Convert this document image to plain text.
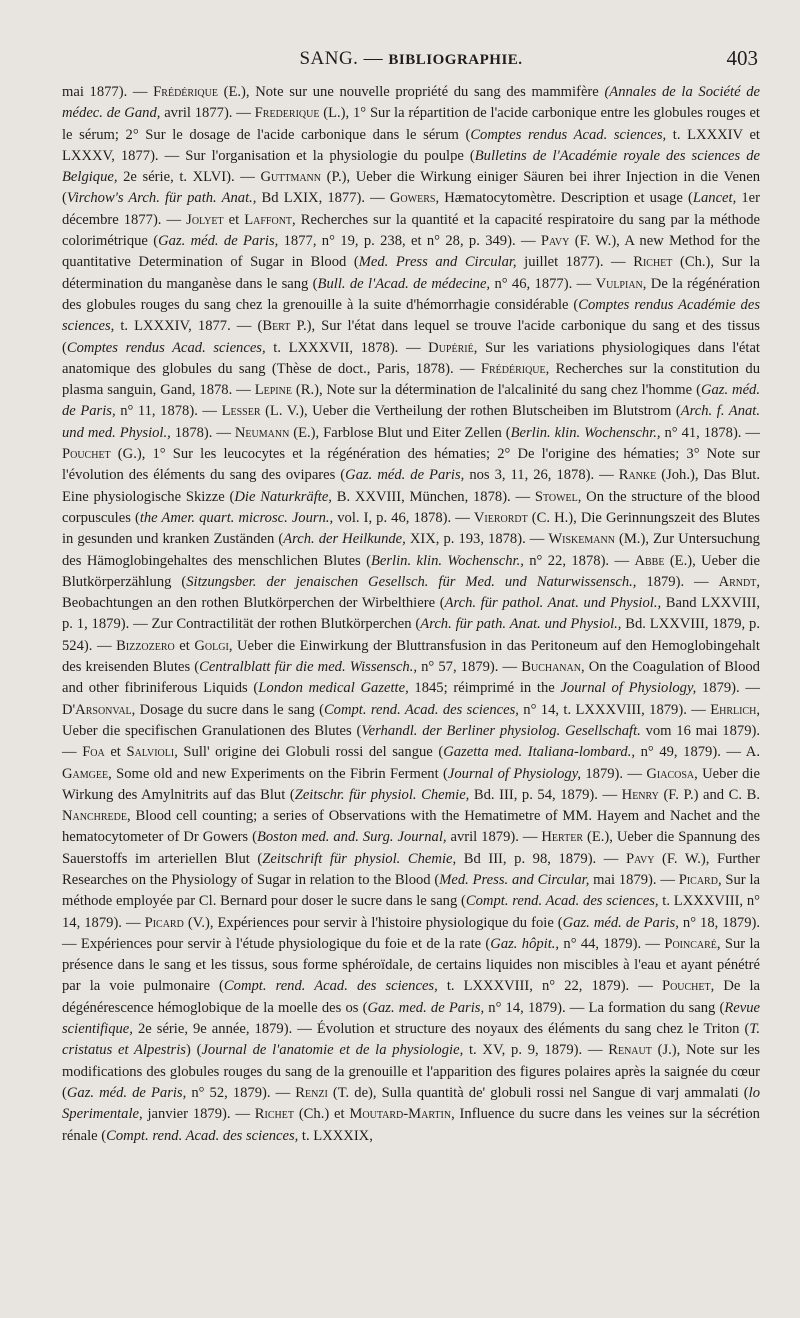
SANG. — BIBLIOGRAPHIE.	403

mai 1877). — Frédérique (E.), Note sur une nouvelle propriété du sang des mammifère (Annales de la Société de médec. de Gand, avril 1877). — Frederique (L.), 1° Sur la répartition de l'acide carbonique entre les globules rouges et le sérum; 2° Sur le dosage de l'acide carbonique dans le sérum (Comptes rendus Acad. sciences, t. LXXXIV et LXXXV, 1877). — Sur l'organisation et la physiologie du poulpe (Bulletins de l'Académie royale des sciences de Belgique, 2e série, t. XLVI). — Guttmann (P.), Ueber die Wirkung einiger Säuren bei ihrer Injection in die Venen (Virchow's Arch. für path. Anat., Bd LXIX, 1877). — Gowers, Hæmatocytomètre. Description et usage (Lancet, 1er décembre 1877). — Jolyet et Laffont, Recherches sur la quantité et la capacité respiratoire du sang par la méthode colorimétrique (Gaz. méd. de Paris, 1877, n° 19, p. 238, et n° 28, p. 349). — Pavy (F. W.), A new Method for the quantitative Determination of Sugar in Blood (Med. Press and Circular, juillet 1877). — Richet (Ch.), Sur la détermination du manganèse dans le sang (Bull. de l'Acad. de médecine, n° 46, 1877). — Vulpian, De la régénération des globules rouges du sang chez la grenouille à la suite d'hémorrhagie considérable (Comptes rendus Académie des sciences, t. LXXXIV, 1877. — (Bert P.), Sur l'état dans lequel se trouve l'acide carbonique du sang et des tissus (Comptes rendus Acad. sciences, t. LXXXVII, 1878). — Dupérié, Sur les variations physiologiques dans l'état anatomique des globules du sang (Thèse de doct., Paris, 1878). — Frédérique, Recherches sur la constitution du plasma sanguin, Gand, 1878. — Lepine (R.), Note sur la détermination de l'alcalinité du sang chez l'homme (Gaz. méd. de Paris, n° 11, 1878). — Lesser (L. V.), Ueber die Vertheilung der rothen Blutscheiben im Blutstrom (Arch. f. Anat. und med. Physiol., 1878). — Neumann (E.), Farblose Blut und Eiter Zellen (Berlin. klin. Wochenschr., n° 41, 1878). — Pouchet (G.), 1° Sur les leucocytes et la régénération des hématies; 2° De l'origine des hématies; 3° Note sur l'évolution des éléments du sang des ovipares (Gaz. méd. de Paris, nos 3, 11, 26, 1878). — Ranke (Joh.), Das Blut. Eine physiologische Skizze (Die Naturkräfte, B. XXVIII, München, 1878). — Stowel, On the structure of the blood corpuscules (the Amer. quart. microsc. Journ., vol. I, p. 46, 1878). — Vierordt (C. H.), Die Gerinnungszeit des Blutes in gesunden und kranken Zuständen (Arch. der Heilkunde, XIX, p. 193, 1878). — Wiskemann (M.), Zur Untersuchung des Hämoglobingehaltes des menschlichen Blutes (Berlin. klin. Wochenschr., n° 22, 1878). — Abbe (E.), Ueber die Blutkörperzählung (Sitzungsber. der jenaischen Gesellsch. für Med. und Naturwissensch., 1879). — Arndt, Beobachtungen an den rothen Blutkörperchen der Wirbelthiere (Arch. für pathol. Anat. und Physiol., Band LXXVIII, p. 1, 1879). — Zur Contractilität der rothen Blutkörperchen (Arch. für path. Anat. und Physiol., Bd. LXXVIII, 1879, p. 524). — Bizzozero et Golgi, Ueber die Einwirkung der Bluttransfusion in das Peritoneum auf den Hemoglobingehalt des kreisenden Blutes (Centralblatt für die med. Wissensch., n° 57, 1879). — Buchanan, On the Coagulation of Blood and other fibriniferous Liquids (London medical Gazette, 1845; réimprimé in the Journal of Physiology, 1879). — D'Arsonval, Dosage du sucre dans le sang (Compt. rend. Acad. des sciences, n° 14, t. LXXXVIII, 1879). — Ehrlich, Ueber die specifischen Granulationen des Blutes (Verhandl. der Berliner physiolog. Gesellschaft. vom 16 mai 1879). — Foa et Salvioli, Sull' origine dei Globuli rossi del sangue (Gazetta med. Italiana-lombard., n° 49, 1879). — A. Gamgee, Some old and new Experiments on the Fibrin Ferment (Journal of Physiology, 1879). — Giacosa, Ueber die Wirkung des Amylnitrits auf das Blut (Zeitschr. für physiol. Chemie, Bd. III, p. 54, 1879). — Henry (F. P.) and C. B. Nanchrede, Blood cell counting; a series of Observations with the Hematimetre of MM. Hayem and Nachet and the hematocytometer of Dr Gowers (Boston med. and. Surg. Journal, avril 1879). — Herter (E.), Ueber die Spannung des Sauerstoffs im arteriellen Blut (Zeitschrift für physiol. Chemie, Bd III, p. 98, 1879). — Pavy (F. W.), Further Researches on the Physiology of Sugar in relation to the Blood (Med. Press. and Circular, mai 1879). — Picard, Sur la méthode employée par Cl. Bernard pour doser le sucre dans le sang (Compt. rend. Acad. des sciences, t. LXXXVIII, n° 14, 1879). — Picard (V.), Expériences pour servir à l'histoire physiologique du foie (Gaz. méd. de Paris, n° 18, 1879). — Expériences pour servir à l'étude physiologique du foie et de la rate (Gaz. hôpit., n° 44, 1879). — Poincaré, Sur la présence dans le sang et les tissus, sous forme sphéroïdale, de certains liquides non miscibles à l'eau et ayant pénétré par la voie pulmonaire (Compt. rend. Acad. des sciences, t. LXXXVIII, n° 22, 1879). — Pouchet, De la dégénérescence hémoglobique de la moelle des os (Gaz. med. de Paris, n° 14, 1879). — La formation du sang (Revue scientifique, 2e série, 9e année, 1879). — Évolution et structure des noyaux des éléments du sang chez le Triton (T. cristatus et Alpestris) (Journal de l'anatomie et de la physiologie, t. XV, p. 9, 1879). — Renaut (J.), Note sur les modifications des globules rouges du sang de la grenouille et l'apparition des figures polaires après la saignée du cœur (Gaz. méd. de Paris, n° 52, 1879). — Renzi (T. de), Sulla quantità de' globuli rossi nel Sangue di varj ammalati (lo Sperimentale, janvier 1879). — Richet (Ch.) et Moutard-Martin, Influence du sucre dans les veines sur la sécrétion rénale (Compt. rend. Acad. des sciences, t. LXXXIX,
